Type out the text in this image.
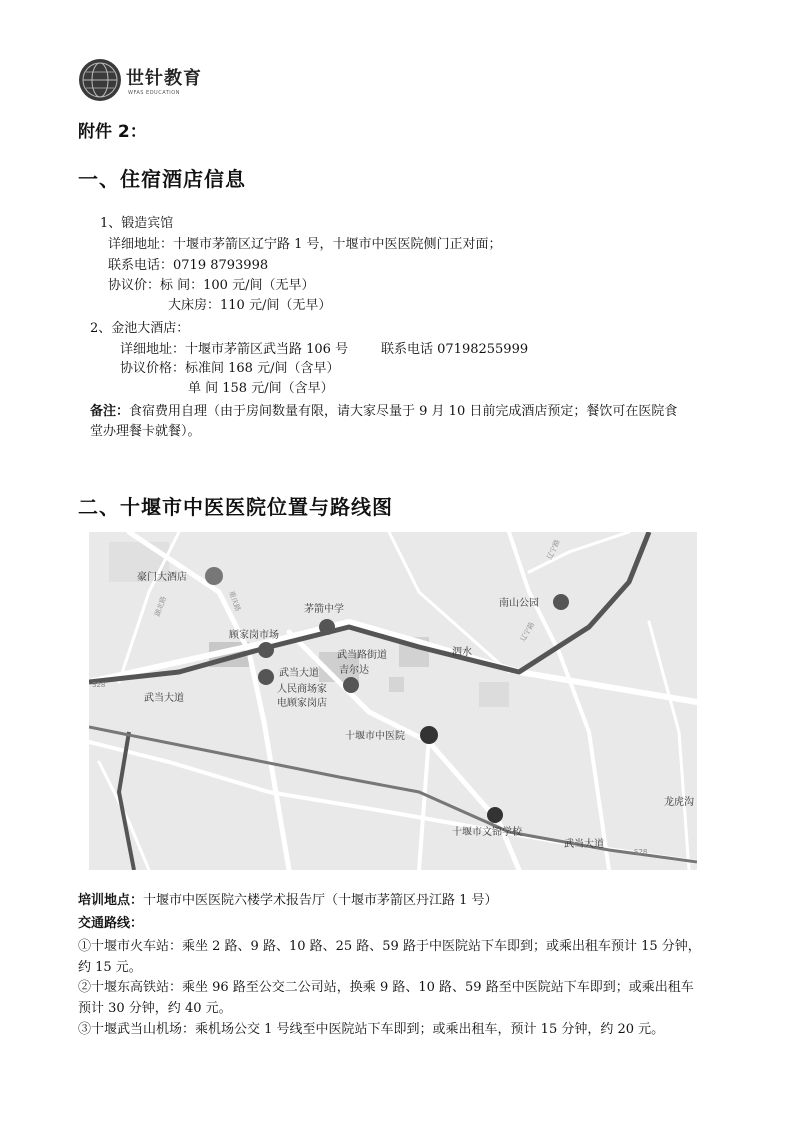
世针教育
WFAS EDUCATION
附件 2：
一、住宿酒店信息
1、锻造宾馆
详细地址：十堰市茅箭区辽宁路 1 号，十堰市中医医院侧门正对面；
联系电话：0719 8793998
协议价：标 间：100 元/间（无早）
大床房：110 元/间（无早）
2、金池大酒店：
详细地址：十堰市茅箭区武当路 106 号	联系电话 07198255999
协议价格：标准间 168 元/间（含早）
单 间 158 元/间（含早）
备注：食宿费用自理（由于房间数量有限，请大家尽量于 9 月 10 日前完成酒店预定；餐饮可在医院食
堂办理餐卡就餐）。
二、十堰市中医医院位置与路线图
豪门大酒店
茅箭中学
南山公园
顾家岗市场
武当大道
人民商场家
电顾家岗店
武当路街道
吉尔达
十堰市中医院
十堰市文锦学校
龙虎沟
泗水
武当大道
武当大道
辽宁路
辽宁路
重庆路
湖北路
S28
S28
培训地点：十堰市中医医院六楼学术报告厅（十堰市茅箭区丹江路 1 号）
交通路线：
①十堰市火车站：乘坐 2 路、9 路、10 路、25 路、59 路于中医院站下车即到；或乘出租车预计 15 分钟，
约 15 元。
②十堰东高铁站：乘坐 96 路至公交二公司站，换乘 9 路、10 路、59 路至中医院站下车即到；或乘出租车
预计 30 分钟，约 40 元。
③十堰武当山机场：乘机场公交 1 号线至中医院站下车即到；或乘出租车，预计 15 分钟，约 20 元。
